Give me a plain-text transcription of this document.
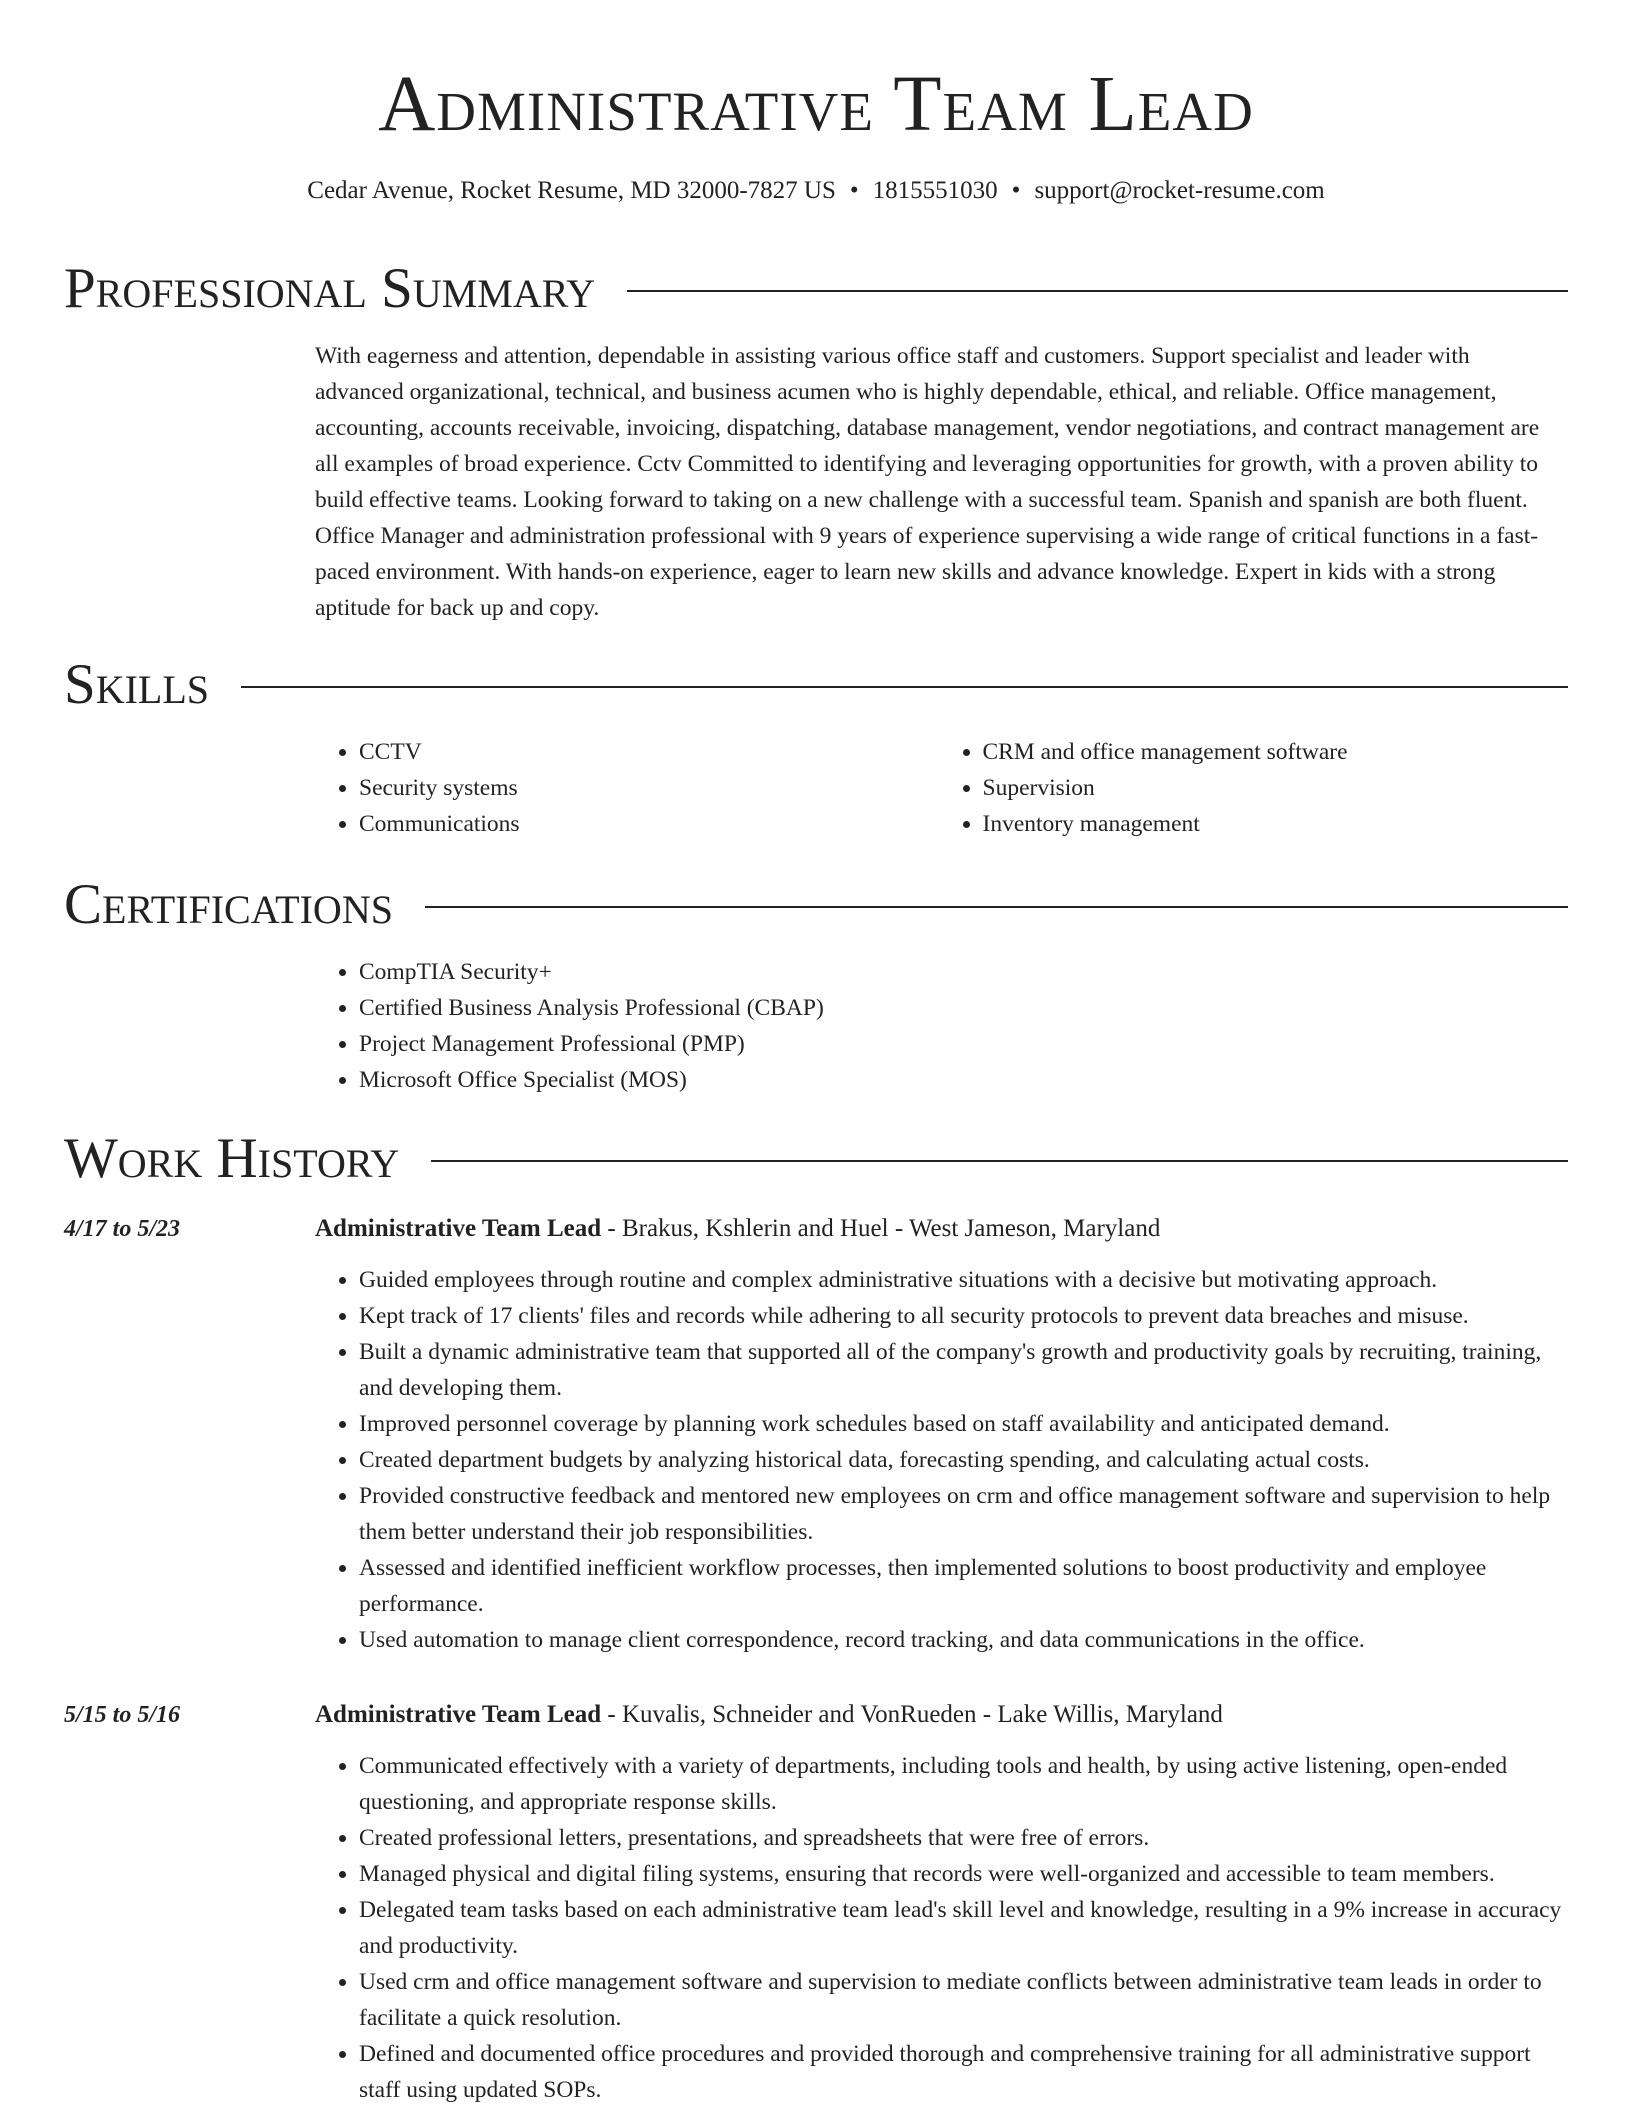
Administrative Team Lead
Cedar Avenue, Rocket Resume, MD 32000-7827 US • 1815551030 • support@rocket-resume.com
Professional Summary

With eagerness and attention, dependable in assisting various office staff and customers. Support specialist and leader with advanced organizational, technical, and business acumen who is highly dependable, ethical, and reliable. Office management, accounting, accounts receivable, invoicing, dispatching, database management, vendor negotiations, and contract management are all examples of broad experience. Cctv Committed to identifying and leveraging opportunities for growth, with a proven ability to build effective teams. Looking forward to taking on a new challenge with a successful team. Spanish and spanish are both fluent. Office Manager and administration professional with 9 years of experience supervising a wide range of critical functions in a fast-paced environment. With hands-on experience, eager to learn new skills and advance knowledge. Expert in kids with a strong aptitude for back up and copy.

Skills
• CCTV
• Security systems
• Communications
• CRM and office management software
• Supervision
• Inventory management
Certifications
• CompTIA Security+
• Certified Business Analysis Professional (CBAP)
• Project Management Professional (PMP)
• Microsoft Office Specialist (MOS)
Work History
4/17 to 5/23	Administrative Team Lead - Brakus, Kshlerin and Huel - West Jameson, Maryland
• Guided employees through routine and complex administrative situations with a decisive but motivating approach.
• Kept track of 17 clients' files and records while adhering to all security protocols to prevent data breaches and misuse.
• Built a dynamic administrative team that supported all of the company's growth and productivity goals by recruiting, training, and developing them.
• Improved personnel coverage by planning work schedules based on staff availability and anticipated demand.
• Created department budgets by analyzing historical data, forecasting spending, and calculating actual costs.
• Provided constructive feedback and mentored new employees on crm and office management software and supervision to help them better understand their job responsibilities.
• Assessed and identified inefficient workflow processes, then implemented solutions to boost productivity and employee performance.
• Used automation to manage client correspondence, record tracking, and data communications in the office.
5/15 to 5/16	Administrative Team Lead - Kuvalis, Schneider and VonRueden - Lake Willis, Maryland
• Communicated effectively with a variety of departments, including tools and health, by using active listening, open-ended questioning, and appropriate response skills.
• Created professional letters, presentations, and spreadsheets that were free of errors.
• Managed physical and digital filing systems, ensuring that records were well-organized and accessible to team members.
• Delegated team tasks based on each administrative team lead's skill level and knowledge, resulting in a 9% increase in accuracy and productivity.
• Used crm and office management software and supervision to mediate conflicts between administrative team leads in order to facilitate a quick resolution.
• Defined and documented office procedures and provided thorough and comprehensive training for all administrative support staff using updated SOPs.
